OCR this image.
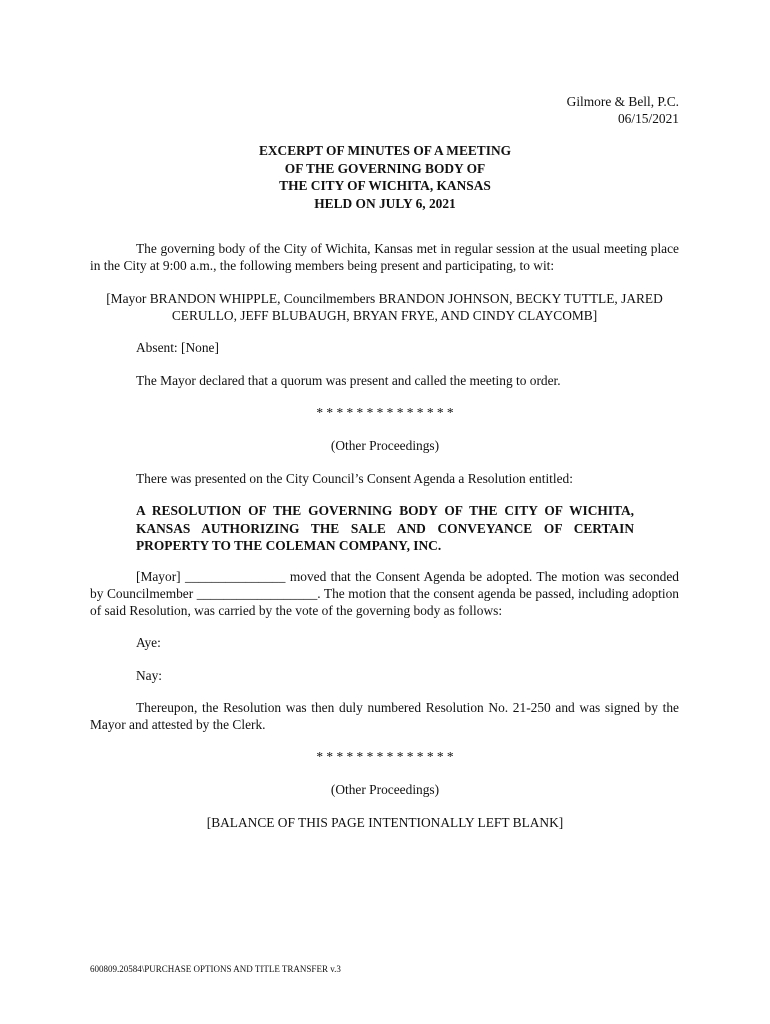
Gilmore & Bell, P.C.
06/15/2021
EXCERPT OF MINUTES OF A MEETING
OF THE GOVERNING BODY OF
THE CITY OF WICHITA, KANSAS
HELD ON JULY 6, 2021
The governing body of the City of Wichita, Kansas met in regular session at the usual meeting place in the City at 9:00 a.m., the following members being present and participating, to wit:
[Mayor BRANDON WHIPPLE, Councilmembers BRANDON JOHNSON, BECKY TUTTLE, JARED CERULLO, JEFF BLUBAUGH, BRYAN FRYE, AND CINDY CLAYCOMB]
Absent: [None]
The Mayor declared that a quorum was present and called the meeting to order.
* * * * * * * * * * * * * *
(Other Proceedings)
There was presented on the City Council’s Consent Agenda a Resolution entitled:
A RESOLUTION OF THE GOVERNING BODY OF THE CITY OF WICHITA, KANSAS AUTHORIZING THE SALE AND CONVEYANCE OF CERTAIN PROPERTY TO THE COLEMAN COMPANY, INC.
[Mayor] _______________ moved that the Consent Agenda be adopted. The motion was seconded by Councilmember __________________. The motion that the consent agenda be passed, including adoption of said Resolution, was carried by the vote of the governing body as follows:
Aye:
Nay:
Thereupon, the Resolution was then duly numbered Resolution No. 21-250 and was signed by the Mayor and attested by the Clerk.
* * * * * * * * * * * * * *
(Other Proceedings)
[BALANCE OF THIS PAGE INTENTIONALLY LEFT BLANK]
600809.20584\PURCHASE OPTIONS AND TITLE TRANSFER v.3
